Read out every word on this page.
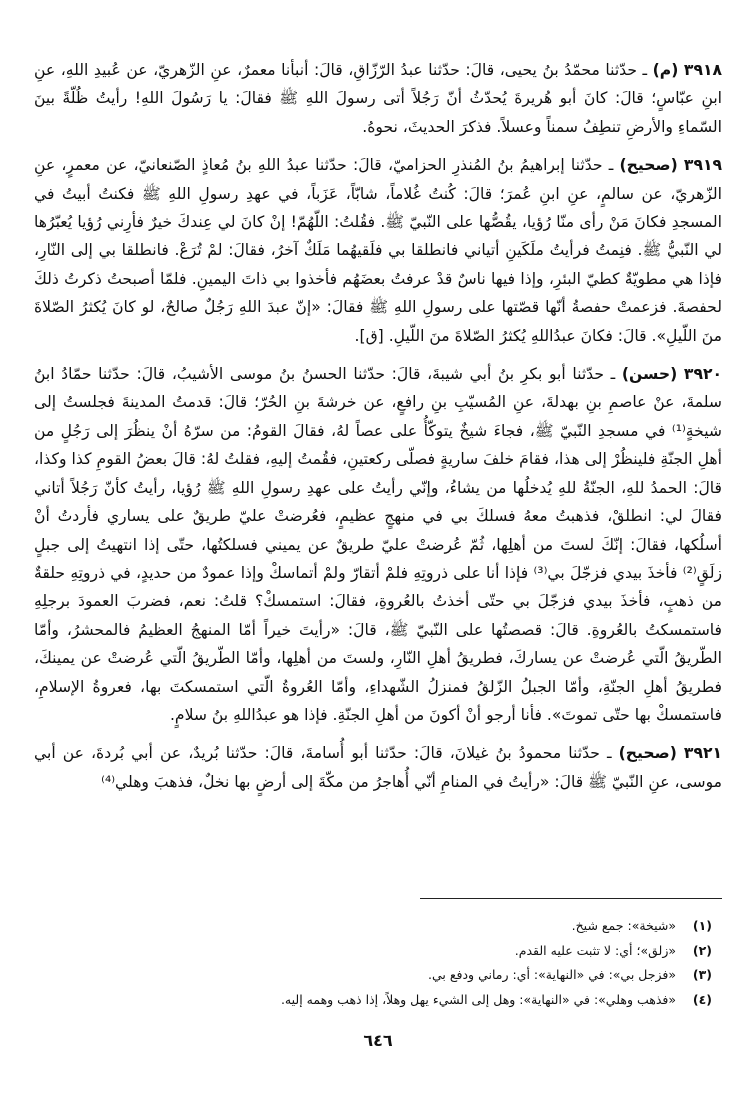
٣٩١٨ (م) ـ حدّثنا محمّدُ بنُ يحيى، قالَ: حدّثنا عبدُ الرّزّاقِ، قالَ: أنبأنا معمرٌ، عنِ الزّهريّ، عن عُبيدِ اللهِ، عنِ ابنِ عبّاسٍ؛ قالَ: كانَ أبو هُريرةَ يُحدّثُ أنّ رَجُلاً أتى رسولَ اللهِ ﷺ فقالَ: يا رَسُولَ اللهِ! رأيتُ ظُلّةً بينَ السّماءِ والأرضِ تنطِفُ سمناً وعسلاً. فذكرَ الحديثَ، نحوهُ.

٣٩١٩ (صحيح) ـ حدّثنا إبراهيمُ بنُ المُنذرِ الحزاميّ، قالَ: حدّثنا عبدُ اللهِ بنُ مُعاذٍ الصّنعانيّ، عن معمرٍ، عنِ الزّهريّ، عن سالمٍ، عنِ ابنِ عُمرَ؛ قالَ: كُنتُ غُلاماً، شابّاً، عَزَباً، في عهدِ رسولِ اللهِ ﷺ فكنتُ أبيتُ في المسجدِ فكانَ مَنْ رأى منّا رُؤيا، يقُصُّها على النّبيّ ﷺ. فقُلتُ: اللّهُمّ! إنْ كانَ لي عِندكَ خيرٌ فأرِني رُؤيا يُعبّرُها لي النّبيُّ ﷺ. فنِمتُ فرأيتُ ملَكَينِ أتياني فانطلقا بي فلَقيهُما مَلَكٌ آخرُ، فقالَ: لمْ تُرَعْ. فانطلقا بي إلى النّارِ، فإذا هي مطويّةٌ كطيّ البئرِ، وإذا فيها ناسٌ قدْ عرفتُ بعضَهُم فأخذوا بي ذاتَ اليمينِ. فلمّا أصبحتُ ذكرتُ ذلكَ لحفصةَ. فزعمتْ حفصةُ أنّها قصّتها على رسولِ اللهِ ﷺ فقالَ: «إنّ عبدَ اللهِ رَجُلٌ صالحٌ، لو كانَ يُكثرُ الصّلاةَ منَ اللّيلِ». قالَ: فكانَ عبدُاللهِ يُكثرُ الصّلاةَ منَ اللّيلِ. [ق].

٣٩٢٠ (حسن) ـ حدّثنا أبو بكرِ بنُ أبي شيبةَ، قالَ: حدّثنا الحسنُ بنُ موسى الأشيبُ، قالَ: حدّثنا حمّادُ ابنُ سلمةَ، عنْ عاصمِ بنِ بهدلةَ، عنِ المُسيّبِ بنِ رافعٍ، عن خرشةَ بنِ الحُرّ؛ قالَ: قدمتُ المدينةَ فجلستُ إلى شيخةٍ⁽¹⁾ في مسجدِ النّبيّ ﷺ، فجاءَ شيخٌ يتوكّأُ على عصاً لهُ، فقالَ القومُ: من سرّهُ أنْ ينظُرَ إلى رَجُلٍ من أهلِ الجنّةِ فلينظُرْ إلى هذا، فقامَ خلفَ ساريةٍ فصلّى ركعتينِ، فقُمتُ إليهِ، فقلتُ لهُ: قالَ بعضُ القومِ كذا وكذا، قالَ: الحمدُ للهِ، الجنّةُ للهِ يُدخلُها من يشاءُ، وإنّي رأيتُ على عهدِ رسولِ اللهِ ﷺ رُؤيا، رأيتُ كأنّ رَجُلاً أتاني فقالَ لي: انطلقْ، فذهبتُ معهُ فسلكَ بي في منهجٍ عظيمٍ، فعُرضتْ عليّ طريقٌ على يساري فأردتُ أنْ أسلُكها، فقالَ: إنّكَ لستَ من أهلِها، ثُمّ عُرضتْ عليّ طريقٌ عن يميني فسلكتُها، حتّى إذا انتهيتُ إلى جبلٍ زلَقٍ⁽²⁾ فأخذَ بيدي فزجّلَ بي⁽³⁾ فإذا أنا على ذروتِهِ فلمْ أتقارّ ولمْ أتماسكْ وإذا عمودٌ من حديدٍ، في ذروتِهِ حلقةٌ من ذهبٍ، فأخذَ بيدي فزجّلَ بي حتّى أخذتُ بالعُروةِ، فقالَ: استمسكْ؟ قلتُ: نعم، فضربَ العمودَ برجلِهِ فاستمسكتُ بالعُروةِ. قالَ: قصصتُها على النّبيّ ﷺ، قالَ: «رأيتَ خيراً أمّا المنهجُ العظيمُ فالمحشرُ، وأمّا الطّريقُ الّتي عُرضتْ عن يساركَ، فطريقُ أهلِ النّارِ، ولستَ من أهلِها، وأمّا الطّريقُ الّتي عُرضتْ عن يمينكَ، فطريقُ أهلِ الجنّةِ، وأمّا الجبلُ الزّلقُ فمنزلُ الشّهداءِ، وأمّا العُروةُ الّتي استمسكتَ بها، فعروةُ الإسلامِ، فاستمسكْ بها حتّى تموتَ». فأنا أرجو أنْ أكونَ من أهلِ الجنّةِ. فإذا هو عبدُاللهِ بنُ سلامٍ.

٣٩٢١ (صحيح) ـ حدّثنا محمودُ بنُ غيلانَ، قالَ: حدّثنا أبو أُسامةَ، قالَ: حدّثنا بُريدٌ، عن أبي بُردةَ، عن أبي موسى، عنِ النّبيّ ﷺ قالَ: «رأيتُ في المنامِ أنّي أُهاجرُ من مكّةَ إلى أرضٍ بها نخلٌ، فذهبَ وهلي⁽⁴⁾

(١) «شيخة»: جمع شيخ.
(٢) «زلق»؛ أي: لا تثبت عليه القدم.
(٣) «فزجل بي»: في «النهاية»: أي: رماني ودفع بي.
(٤) «فذهب وهلي»: في «النهاية»: وهل إلى الشيء يهل وهلاً، إذا ذهب وهمه إليه.
٦٤٦
